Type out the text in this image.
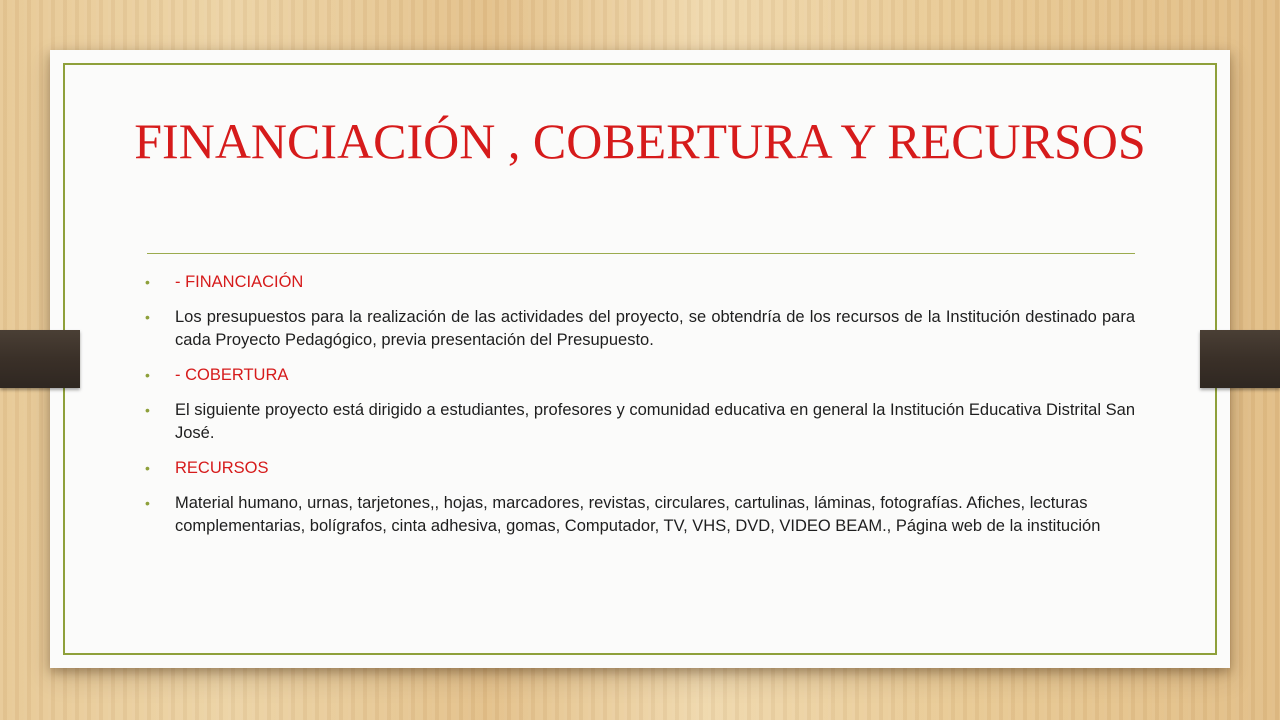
FINANCIACIÓN , COBERTURA Y RECURSOS
• - FINANCIACIÓN
• Los presupuestos para la realización de las actividades del proyecto, se obtendría de los recursos de la Institución destinado para cada Proyecto Pedagógico, previa presentación del Presupuesto.
• - COBERTURA
• El siguiente proyecto está dirigido a estudiantes, profesores y comunidad educativa en general la Institución Educativa Distrital San José.
• RECURSOS
• Material humano, urnas, tarjetones,, hojas, marcadores, revistas, circulares, cartulinas, láminas, fotografías. Afiches, lecturas complementarias, bolígrafos, cinta adhesiva, gomas, Computador, TV, VHS, DVD, VIDEO BEAM., Página web de la institución
